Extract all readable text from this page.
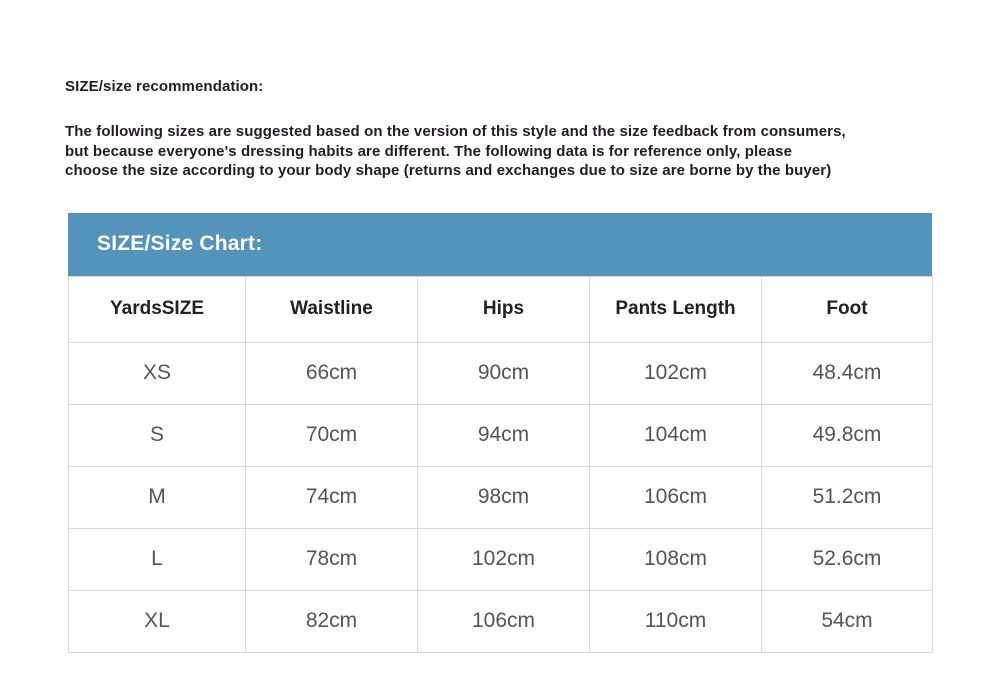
SIZE/size recommendation:
The following sizes are suggested based on the version of this style and the size feedback from consumers,
but because everyone's dressing habits are different. The following data is for reference only, please
choose the size according to your body shape (returns and exchanges due to size are borne by the buyer)
SIZE/Size Chart:
YardsSIZE	Waistline	Hips	Pants Length	Foot
XS	66cm	90cm	102cm	48.4cm
S	70cm	94cm	104cm	49.8cm
M	74cm	98cm	106cm	51.2cm
L	78cm	102cm	108cm	52.6cm
XL	82cm	106cm	110cm	54cm
